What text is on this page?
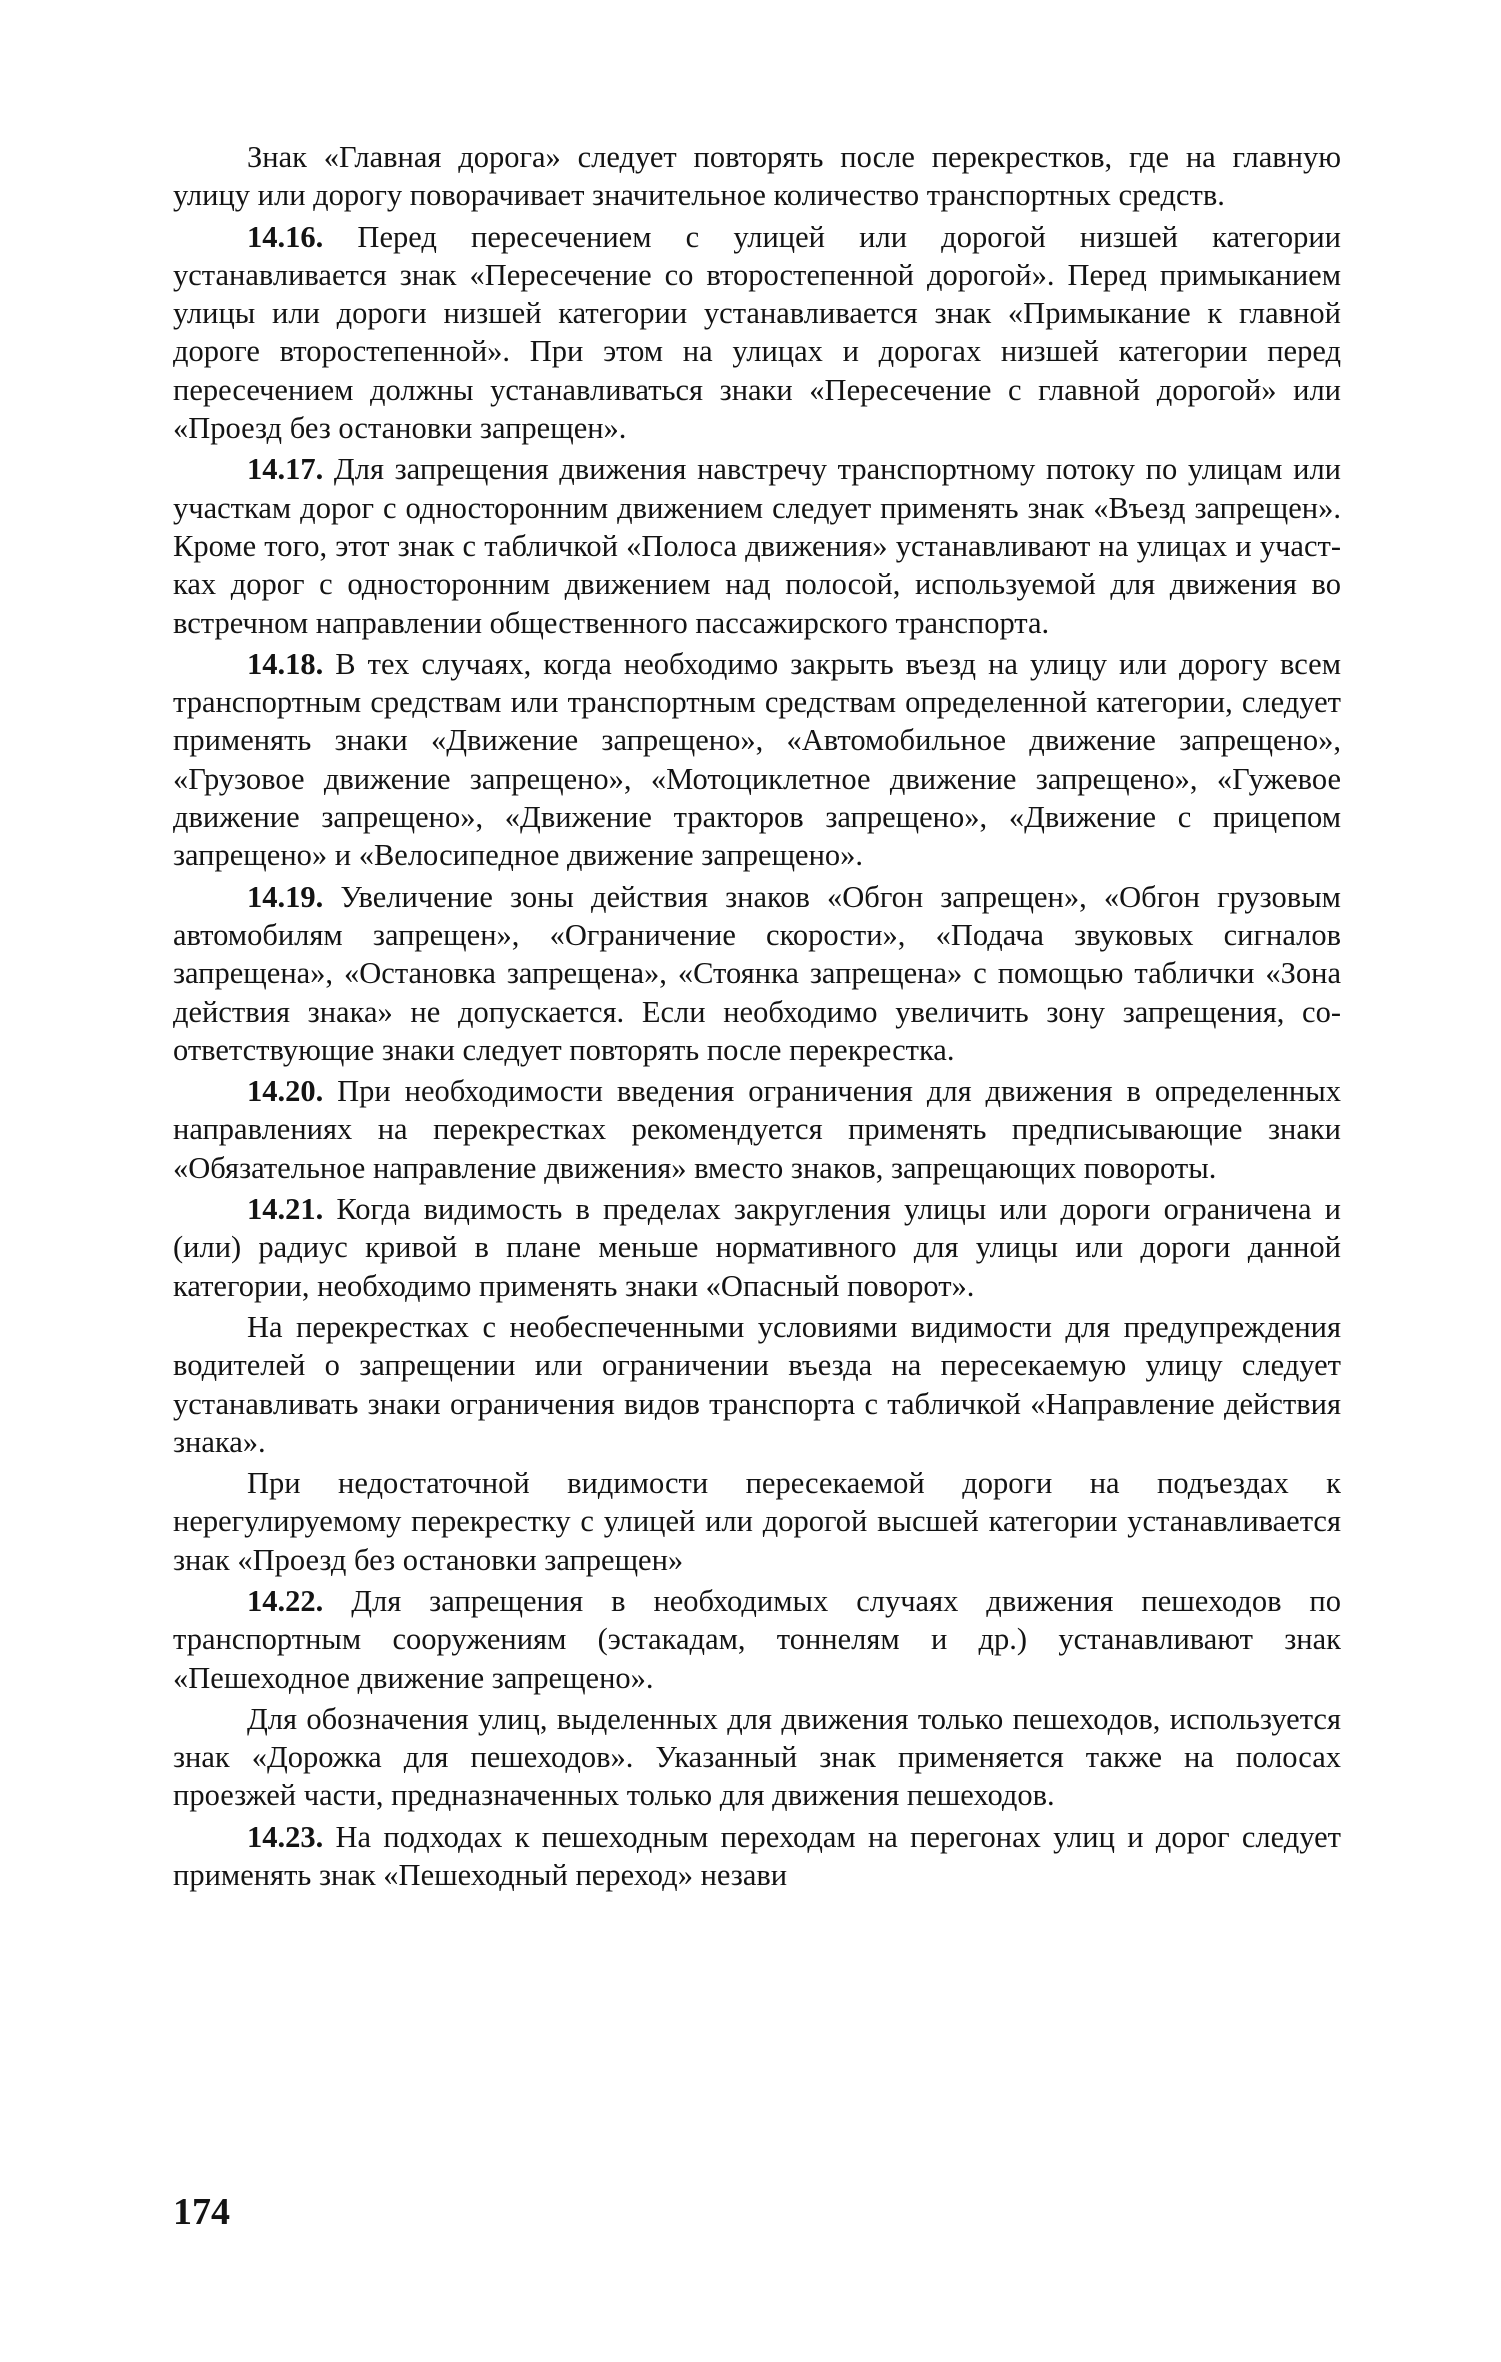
Знак «Главная дорога» следует повторять после перекрестков, где на главную улицу или дорогу поворачивает значительное количество транспортных средств.

14.16. Перед пересечением с улицей или дорогой низшей категории устанавливается знак «Пересечение со второстепенной дорогой». Перед примыканием улицы или дороги низшей категории устанавливается знак «Примыкание к главной дороге второстепенной». При этом на улицах и дорогах низшей категории перед пересечением должны устанавливаться знаки «Пересечение с главной дорогой» или «Проезд без остановки запрещен».

14.17. Для запрещения движения навстречу транспортному потоку по улицам или участкам дорог с односторонним движением следует применять знак «Въезд запрещен». Кроме того, этот знак с табличкой «Полоса движения» устанавливают на улицах и участках дорог с односторонним движением над полосой, используемой для движения во встречном направлении общественного пассажирского транспорта.

14.18. В тех случаях, когда необходимо закрыть въезд на улицу или дорогу всем транспортным средствам или транспортным средствам определенной категории, следует применять знаки «Движение запрещено», «Автомобильное движение запрещено», «Грузовое движение запрещено», «Мотоциклетное движение запрещено», «Гужевое движение запрещено», «Движение тракторов запрещено», «Движение с прицепом запрещено» и «Велосипедное движение запрещено».

14.19. Увеличение зоны действия знаков «Обгон запрещен», «Обгон грузовым автомобилям запрещен», «Ограничение скорости», «Подача звуковых сигналов запрещена», «Остановка запрещена», «Стоянка запрещена» с помощью таблички «Зона действия знака» не допускается. Если необходимо увеличить зону запрещения, соответствующие знаки следует повторять после перекрестка.

14.20. При необходимости введения ограничения для движения в определенных направлениях на перекрестках рекомендуется применять предписывающие знаки «Обязательное направление движения» вместо знаков, запрещающих повороты.

14.21. Когда видимость в пределах закругления улицы или дороги ограничена и (или) радиус кривой в плане меньше нормативного для улицы или дороги данной категории, необходимо применять знаки «Опасный поворот».

На перекрестках с необеспеченными условиями видимости для предупреждения водителей о запрещении или ограничении въезда на пересекаемую улицу следует устанавливать знаки ограничения видов транспорта с табличкой «Направление действия знака».

При недостаточной видимости пересекаемой дороги на подъездах к нерегулируемому перекрестку с улицей или дорогой высшей категории устанавливается знак «Проезд без остановки запрещен»

14.22. Для запрещения в необходимых случаях движения пешеходов по транспортным сооружениям (эстакадам, тоннелям и др.) устанавливают знак «Пешеходное движение запрещено».

Для обозначения улиц, выделенных для движения только пешеходов, используется знак «Дорожка для пешеходов». Указанный знак применяется также на полосах проезжей части, предназначенных только для движения пешеходов.

14.23. На подходах к пешеходным переходам на перегонах улиц и дорог следует применять знак «Пешеходный переход» незави

174
